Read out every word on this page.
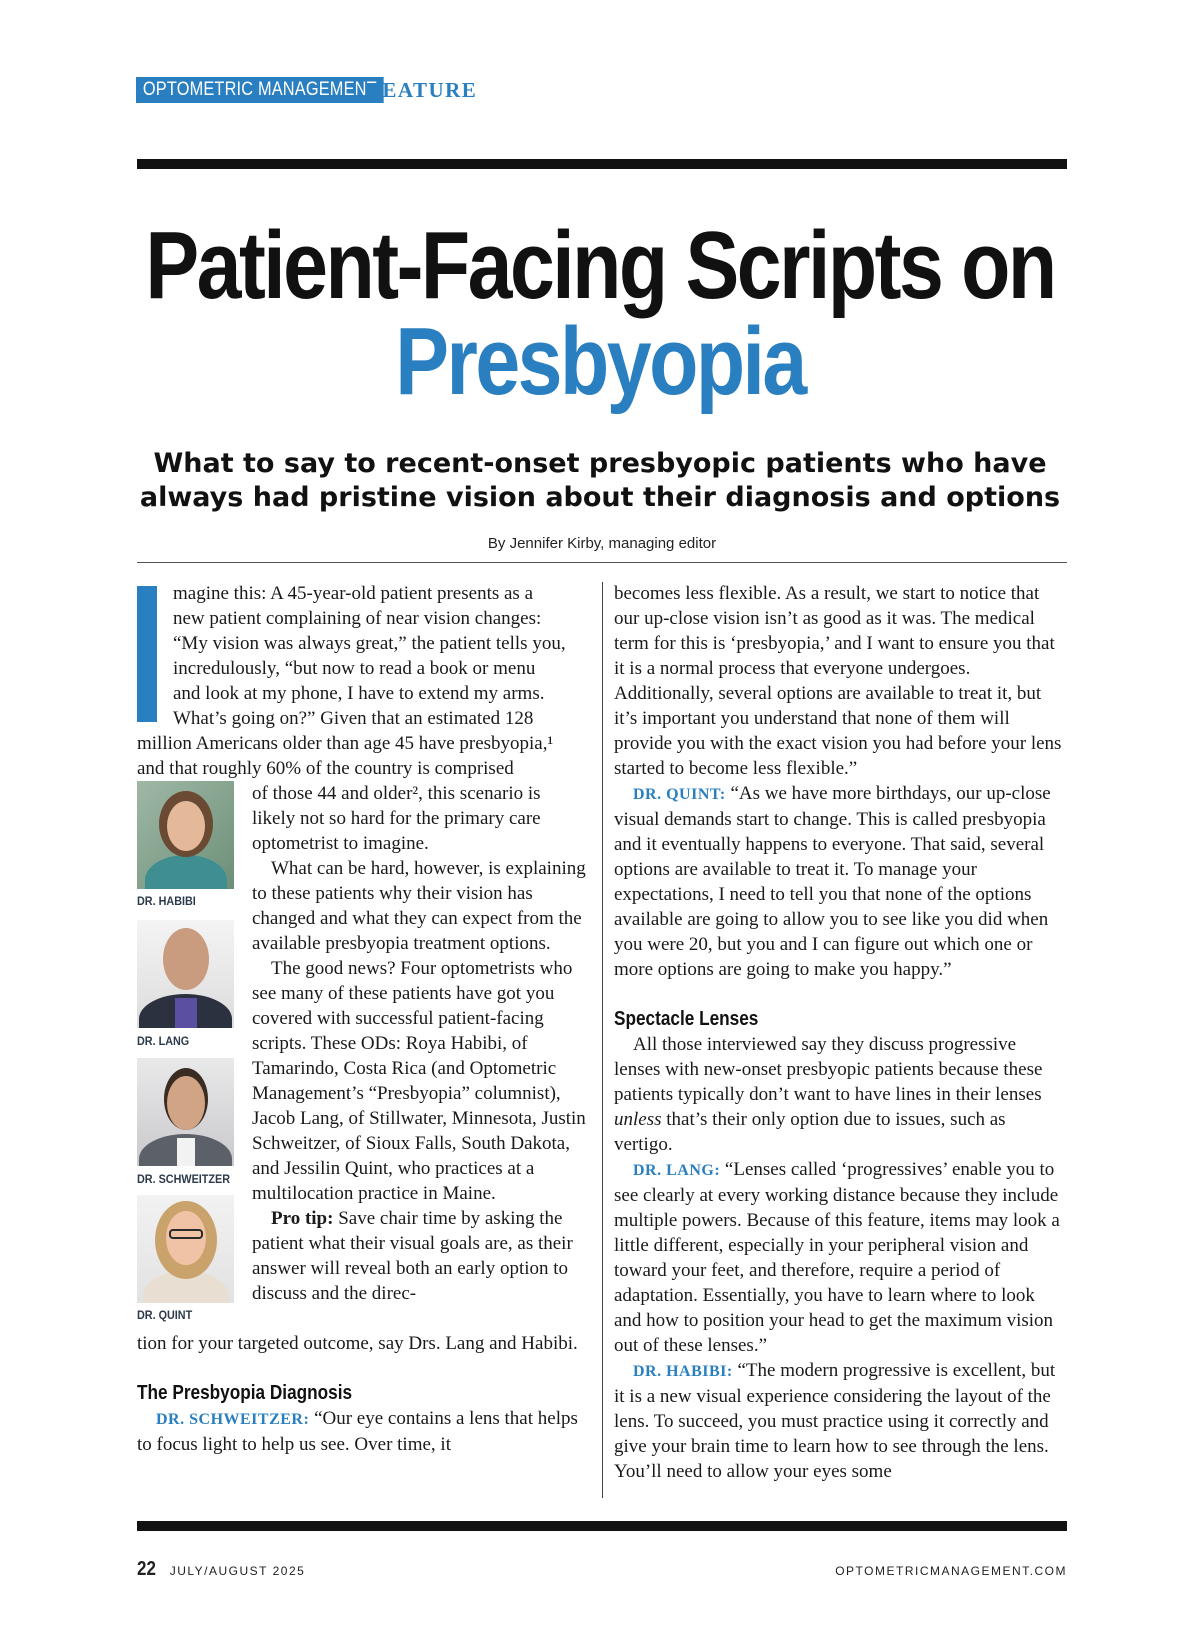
OPTOMETRIC MANAGEMENT
FEATURE
Patient-Facing Scripts on
Presbyopia

What to say to recent-onset presbyopic patients who have always had pristine vision about their diagnosis and options

By Jennifer Kirby, managing editor
magine this: A 45-year-old patient presents as a
new patient complaining of near vision changes:
“My vision was always great,” the patient tells you,
incredulously, “but now to read a book or menu
and look at my phone, I have to extend my arms.
What’s going on?” Given that an estimated 128
million Americans older than age 45 have presbyopia,¹
and that roughly 60% of the country is comprised
of those 44 and older², this scenario is
likely not so hard for the primary care
optometrist to imagine.

What can be hard, however, is explaining to these patients why their vision has changed and what they can expect from the available presbyopia treatment options.

The good news? Four optometrists who see many of these patients have got you covered with successful patient-facing scripts. These ODs: Roya Habibi, of Tamarindo, Costa Rica (and Optometric Management’s “Presbyopia” columnist), Jacob Lang, of Stillwater, Minnesota, Justin Schweitzer, of Sioux Falls, South Dakota, and Jessilin Quint, who practices at a multilocation practice in Maine.

Pro tip: Save chair time by asking the patient what their visual goals are, as their answer will reveal both an early option to discuss and the direc-

DR. HABIBI
DR. LANG
DR. SCHWEITZER
DR. QUINT

tion for your targeted outcome, say Drs. Lang and Habibi.

The Presbyopia Diagnosis

DR. SCHWEITZER: “Our eye contains a lens that helps to focus light to help us see. Over time, it

becomes less flexible. As a result, we start to notice that our up-close vision isn’t as good as it was. The medical term for this is ‘presbyopia,’ and I want to ensure you that it is a normal process that everyone undergoes. Additionally, several options are available to treat it, but it’s important you understand that none of them will provide you with the exact vision you had before your lens started to become less flexible.”

DR. QUINT: “As we have more birthdays, our up-close visual demands start to change. This is called presbyopia and it eventually happens to everyone. That said, several options are available to treat it. To manage your expectations, I need to tell you that none of the options available are going to allow you to see like you did when you were 20, but you and I can figure out which one or more options are going to make you happy.”

Spectacle Lenses

All those interviewed say they discuss progressive lenses with new-onset presbyopic patients because these patients typically don’t want to have lines in their lenses unless that’s their only option due to issues, such as vertigo.

DR. LANG: “Lenses called ‘progressives’ enable you to see clearly at every working distance because they include multiple powers. Because of this feature, items may look a little different, especially in your peripheral vision and toward your feet, and therefore, require a period of adaptation. Essentially, you have to learn where to look and how to position your head to get the maximum vision out of these lenses.”

DR. HABIBI: “The modern progressive is excellent, but it is a new visual experience considering the layout of the lens. To succeed, you must practice using it correctly and give your brain time to learn how to see through the lens. You’ll need to allow your eyes some

22 JULY/AUGUST 2025	OPTOMETRICMANAGEMENT.COM
